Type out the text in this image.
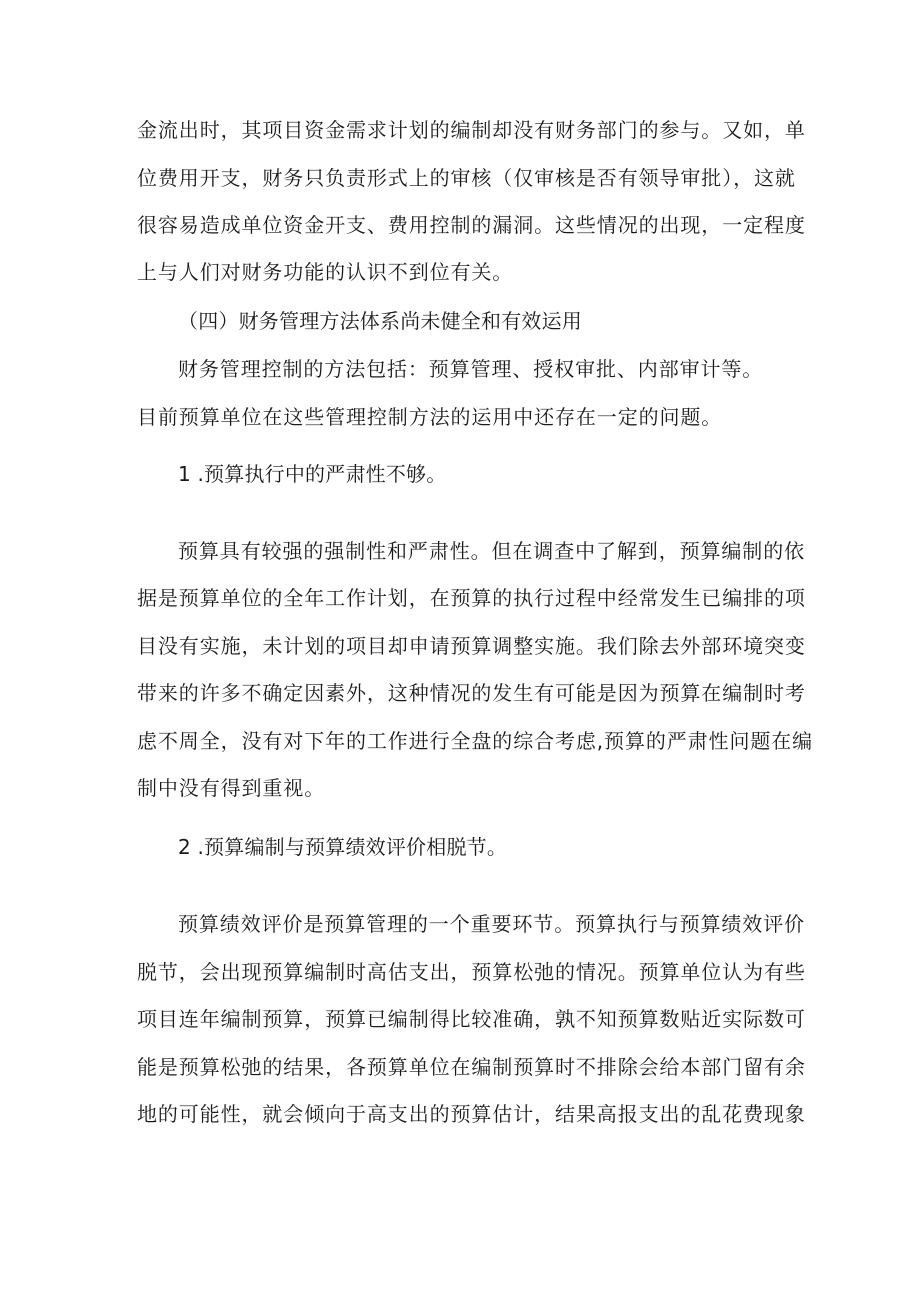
金流出时，其项目资金需求计划的编制却没有财务部门的参与。又如，单
位费用开支，财务只负责形式上的审核（仅审核是否有领导审批），这就
很容易造成单位资金开支、费用控制的漏洞。这些情况的出现，一定程度
上与人们对财务功能的认识不到位有关。
（四）财务管理方法体系尚未健全和有效运用
财务管理控制的方法包括：预算管理、授权审批、内部审计等。
目前预算单位在这些管理控制方法的运用中还存在一定的问题。
1 .预算执行中的严肃性不够。
预算具有较强的强制性和严肃性。但在调查中了解到，预算编制的依
据是预算单位的全年工作计划，在预算的执行过程中经常发生已编排的项
目没有实施，未计划的项目却申请预算调整实施。我们除去外部环境突变
带来的许多不确定因素外，这种情况的发生有可能是因为预算在编制时考
虑不周全，没有对下年的工作进行全盘的综合考虑,预算的严肃性问题在编
制中没有得到重视。
2 .预算编制与预算绩效评价相脱节。
预算绩效评价是预算管理的一个重要环节。预算执行与预算绩效评价
脱节，会出现预算编制时高估支出，预算松弛的情况。预算单位认为有些
项目连年编制预算，预算已编制得比较准确，孰不知预算数贴近实际数可
能是预算松弛的结果，各预算单位在编制预算时不排除会给本部门留有余
地的可能性，就会倾向于高支出的预算估计，结果高报支出的乱花费现象
